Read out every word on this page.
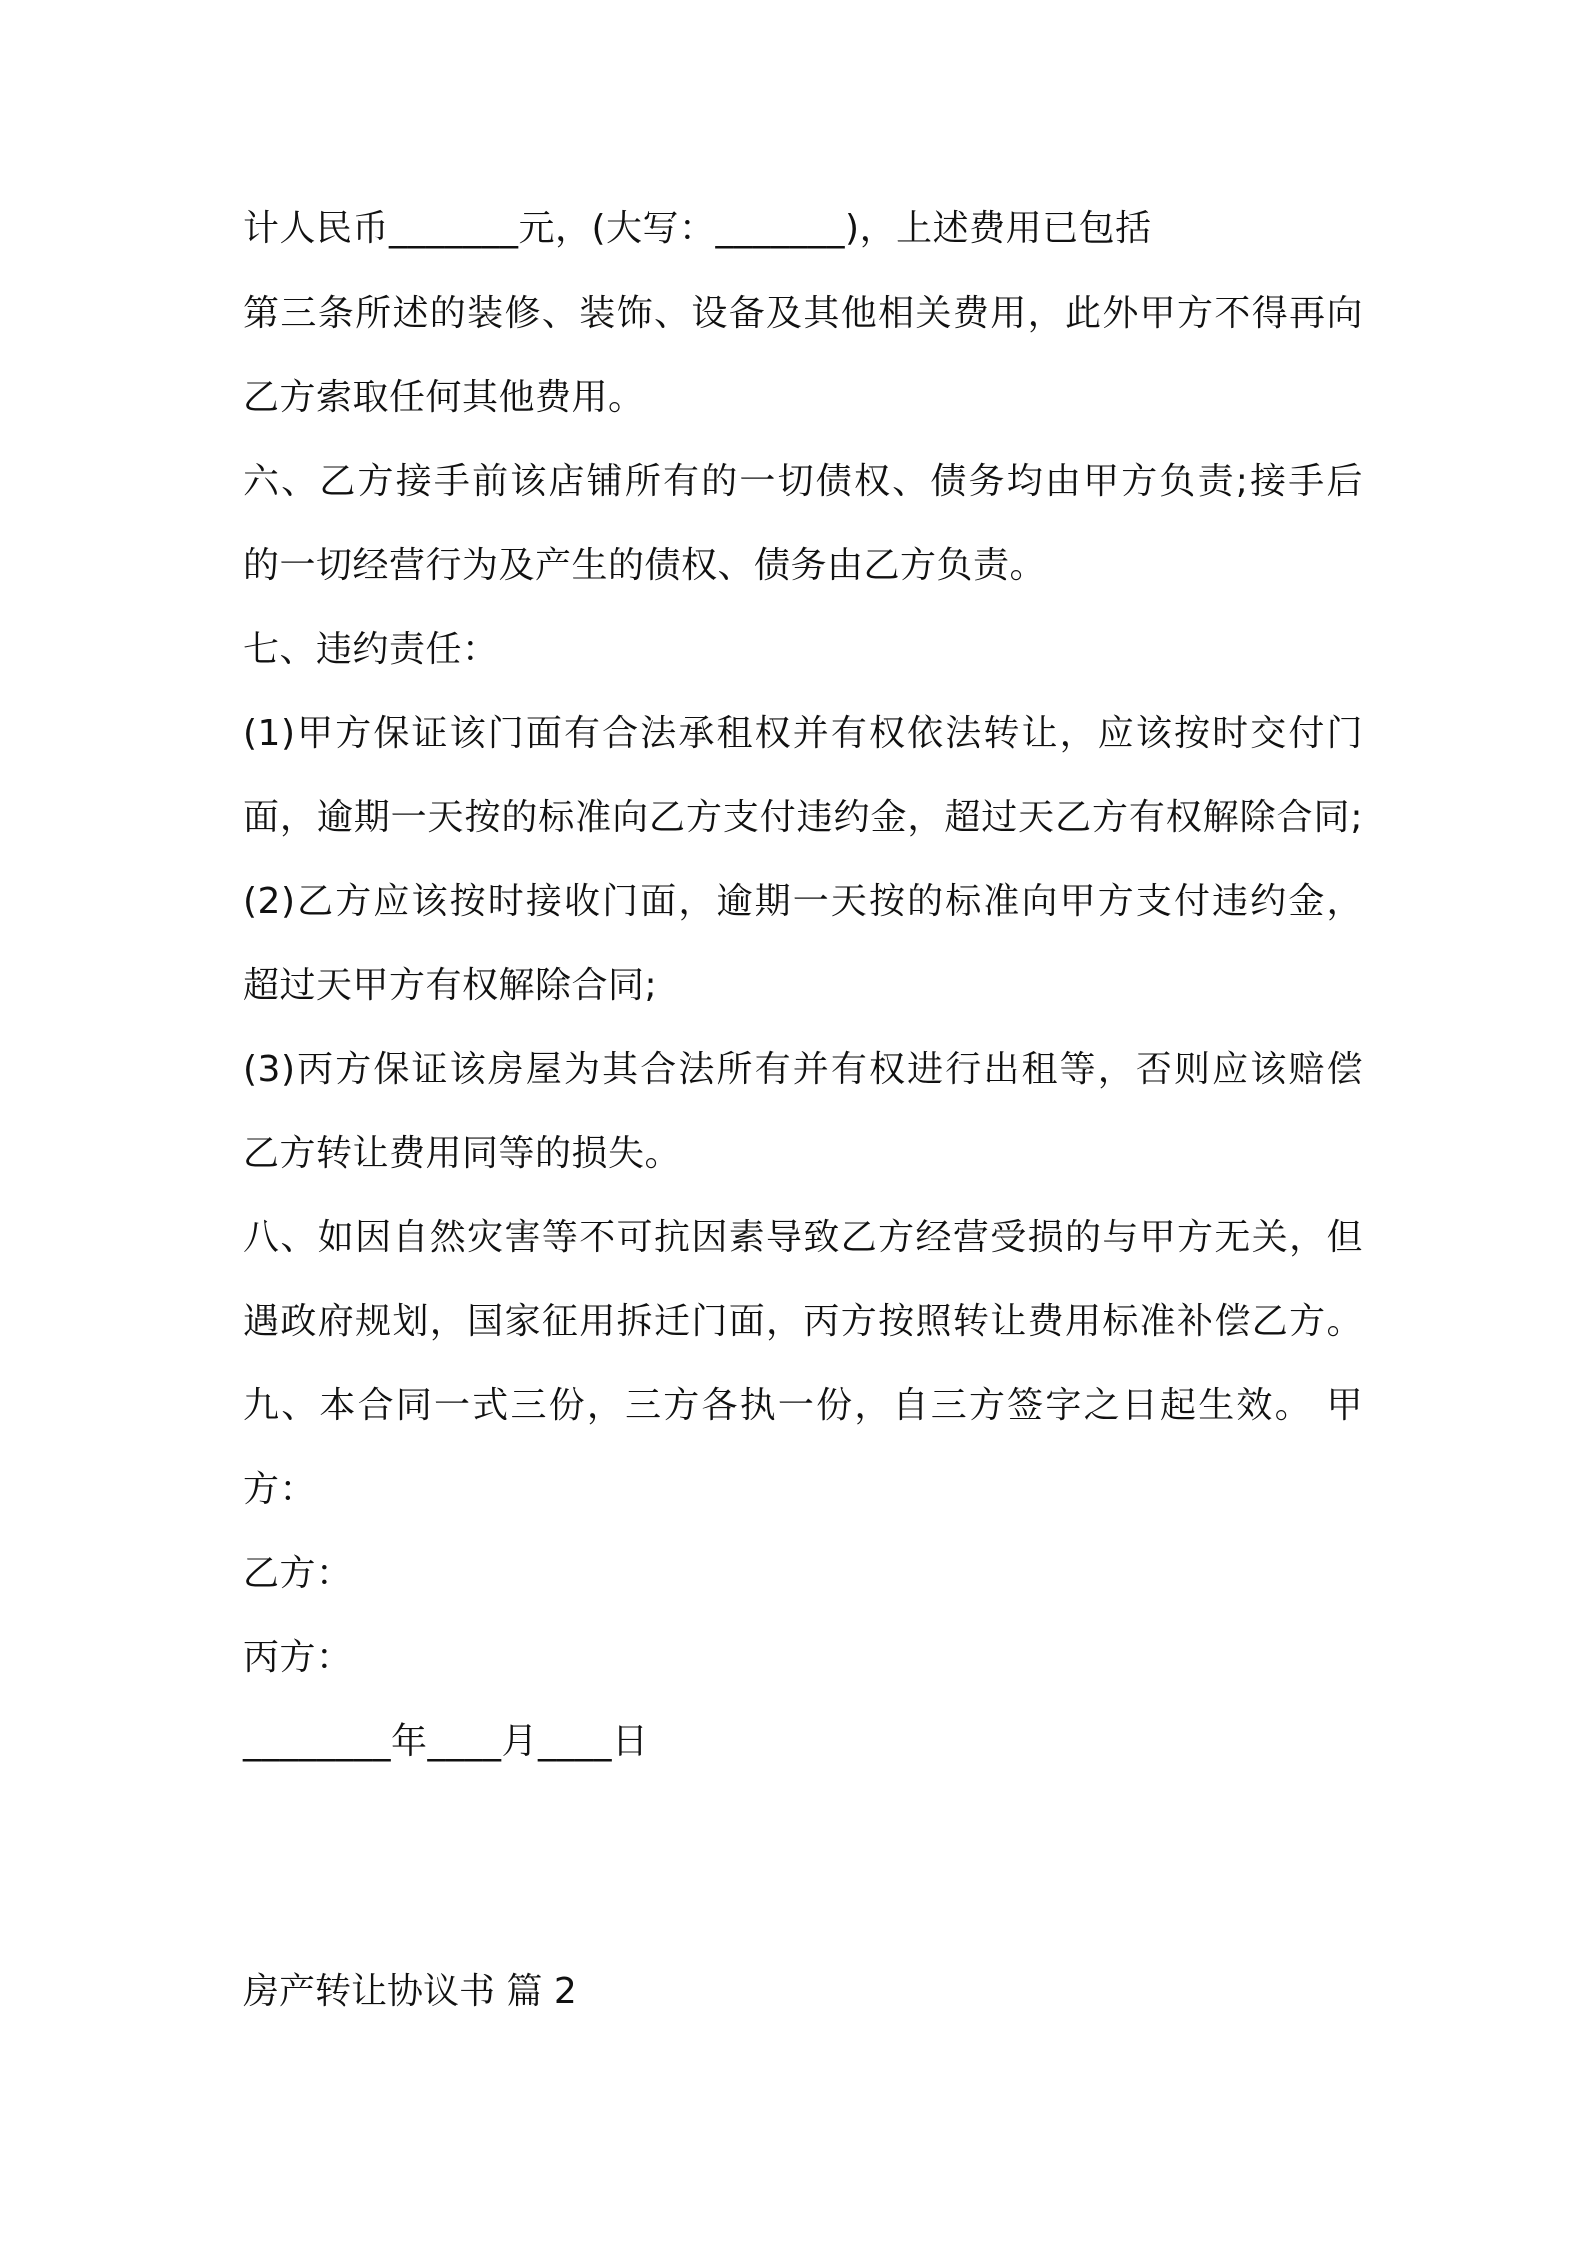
计人民币_______元，(大写：_______)，上述费用已包括
第三条所述的装修、装饰、设备及其他相关费用，此外甲方不得再向
乙方索取任何其他费用。
六、乙方接手前该店铺所有的一切债权、债务均由甲方负责;接手后
的一切经营行为及产生的债权、债务由乙方负责。
七、违约责任：
(1)甲方保证该门面有合法承租权并有权依法转让，应该按时交付门
面，逾期一天按的标准向乙方支付违约金，超过天乙方有权解除合同;
(2)乙方应该按时接收门面，逾期一天按的标准向甲方支付违约金，
超过天甲方有权解除合同;
(3)丙方保证该房屋为其合法所有并有权进行出租等，否则应该赔偿
乙方转让费用同等的损失。
八、如因自然灾害等不可抗因素导致乙方经营受损的与甲方无关，但
遇政府规划，国家征用拆迁门面，丙方按照转让费用标准补偿乙方。
九、本合同一式三份，三方各执一份，自三方签字之日起生效。 甲
方：
乙方：
丙方：
________年____月____日
房产转让协议书 篇 2
